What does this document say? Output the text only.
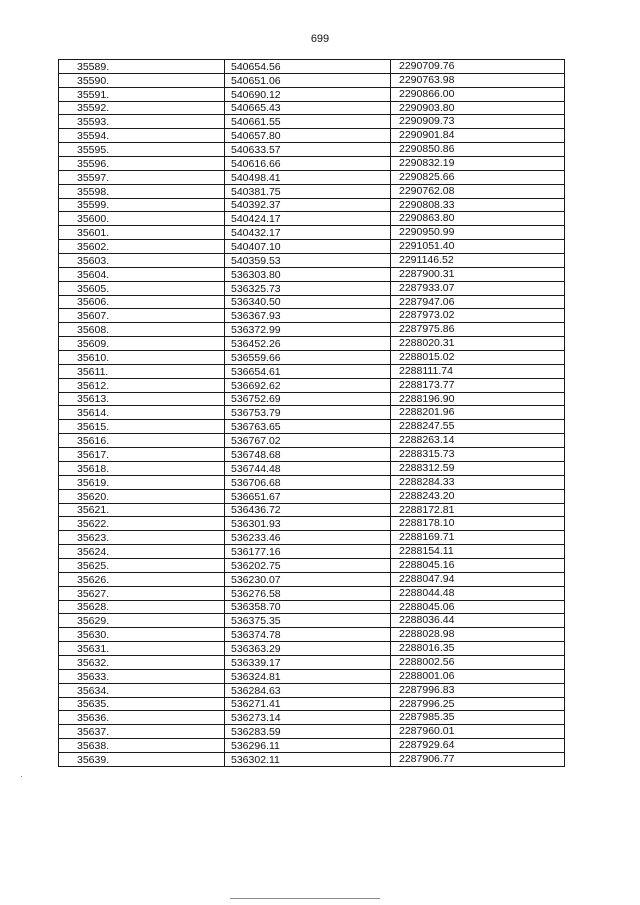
699
35589.	540654.56	2290709.76
35590.	540651.06	2290763.98
35591.	540690.12	2290866.00
35592.	540665.43	2290903.80
35593.	540661.55	2290909.73
35594.	540657.80	2290901.84
35595.	540633.57	2290850.86
35596.	540616.66	2290832.19
35597.	540498.41	2290825.66
35598.	540381.75	2290762.08
35599.	540392.37	2290808.33
35600.	540424.17	2290863.80
35601.	540432.17	2290950.99
35602.	540407.10	2291051.40
35603.	540359.53	2291146.52
35604.	536303.80	2287900.31
35605.	536325.73	2287933.07
35606.	536340.50	2287947.06
35607.	536367.93	2287973.02
35608.	536372.99	2287975.86
35609.	536452.26	2288020.31
35610.	536559.66	2288015.02
35611.	536654.61	2288111.74
35612.	536692.62	2288173.77
35613.	536752.69	2288196.90
35614.	536753.79	2288201.96
35615.	536763.65	2288247.55
35616.	536767.02	2288263.14
35617.	536748.68	2288315.73
35618.	536744.48	2288312.59
35619.	536706.68	2288284.33
35620.	536651.67	2288243.20
35621.	536436.72	2288172.81
35622.	536301.93	2288178.10
35623.	536233.46	2288169.71
35624.	536177.16	2288154.11
35625.	536202.75	2288045.16
35626.	536230.07	2288047.94
35627.	536276.58	2288044.48
35628.	536358.70	2288045.06
35629.	536375.35	2288036.44
35630.	536374.78	2288028.98
35631.	536363.29	2288016.35
35632.	536339.17	2288002.56
35633.	536324.81	2288001.06
35634.	536284.63	2287996.83
35635.	536271.41	2287996.25
35636.	536273.14	2287985.35
35637.	536283.59	2287960.01
35638.	536296.11	2287929.64
35639.	536302.11	2287906.77
·
